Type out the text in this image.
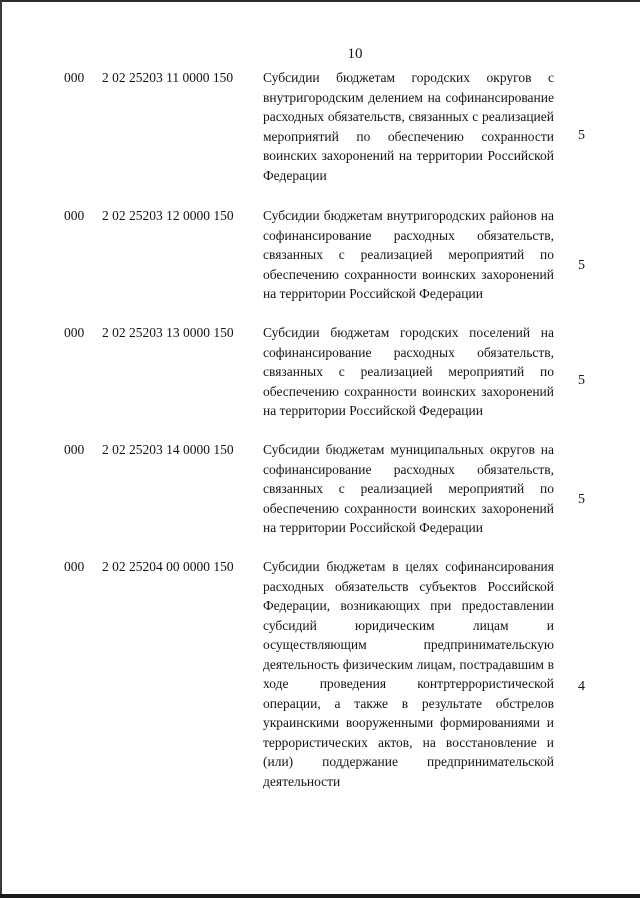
10
000 2 02 25203 11 0000 150 Субсидии бюджетам городских округов с внутригородским делением на софинансирование расходных обязательств, связанных с реализацией мероприятий по обеспечению сохранности воинских захоронений на территории Российской Федерации
5
000 2 02 25203 12 0000 150 Субсидии бюджетам внутригородских районов на софинансирование расходных обязательств, связанных с реализацией мероприятий по обеспечению сохранности воинских захоронений на территории Российской Федерации
5
000 2 02 25203 13 0000 150 Субсидии бюджетам городских поселений на софинансирование расходных обязательств, связанных с реализацией мероприятий по обеспечению сохранности воинских захоронений на территории Российской Федерации
5
000 2 02 25203 14 0000 150 Субсидии бюджетам муниципальных округов на софинансирование расходных обязательств, связанных с реализацией мероприятий по обеспечению сохранности воинских захоронений на территории Российской Федерации
5
000 2 02 25204 00 0000 150 Субсидии бюджетам в целях софинансирования расходных обязательств субъектов Российской Федерации, возникающих при предоставлении субсидий юридическим лицам и осуществляющим предпринимательскую деятельность физическим лицам, пострадавшим в ходе проведения контртеррористической операции, а также в результате обстрелов украинскими вооруженными формированиями и террористических актов, на восстановление и (или) поддержание предпринимательской деятельности
4
